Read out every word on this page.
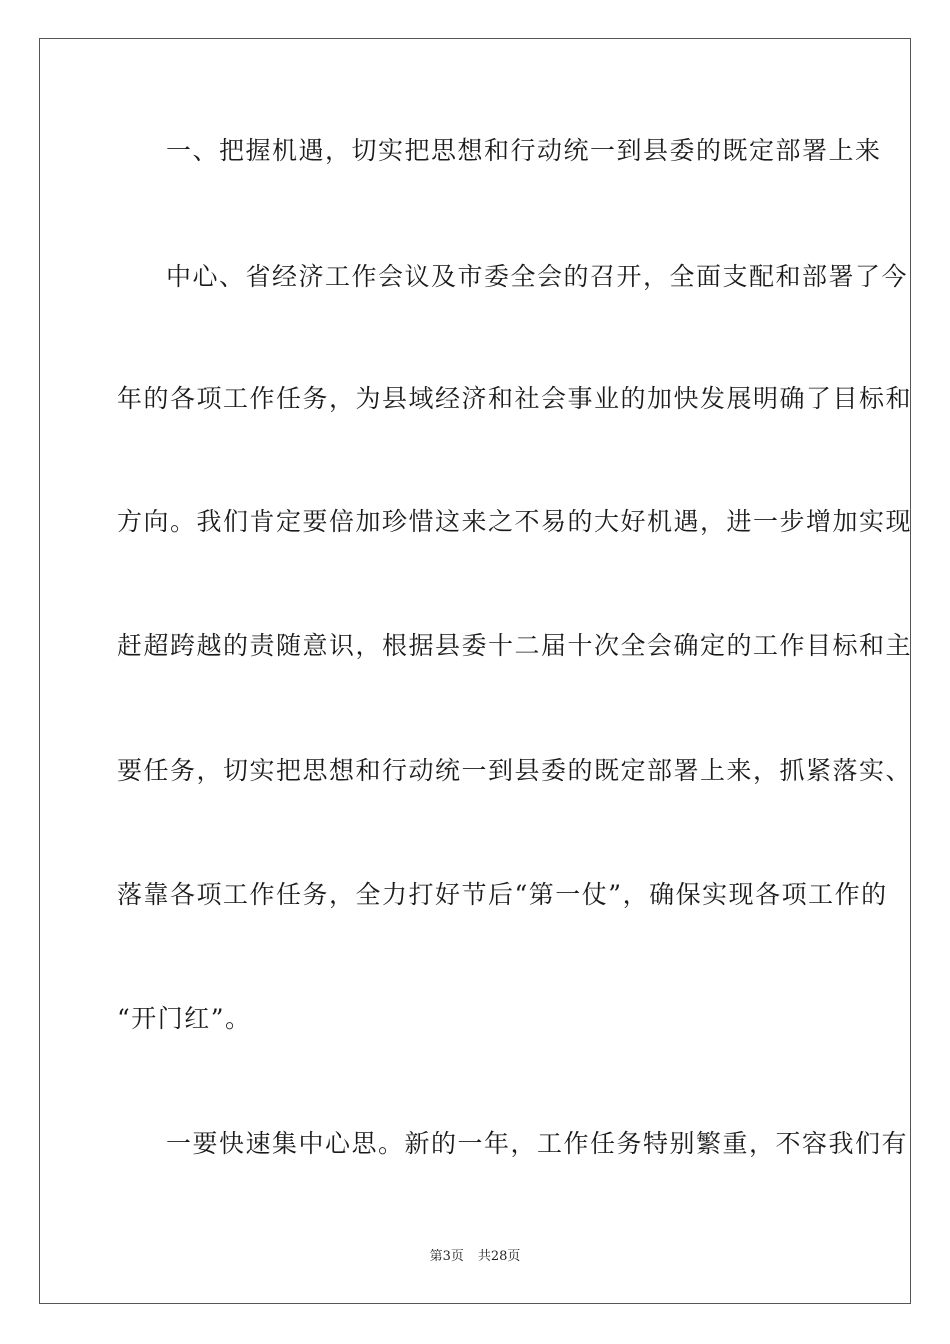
一、把握机遇，切实把思想和行动统一到县委的既定部署上来
中心、省经济工作会议及市委全会的召开，全面支配和部署了今
年的各项工作任务，为县域经济和社会事业的加快发展明确了目标和
方向。我们肯定要倍加珍惜这来之不易的大好机遇，进一步增加实现
赶超跨越的责随意识，根据县委十二届十次全会确定的工作目标和主
要任务，切实把思想和行动统一到县委的既定部署上来，抓紧落实、
落靠各项工作任务，全力打好节后“第一仗”，确保实现各项工作的
“开门红”。
一要快速集中心思。新的一年，工作任务特别繁重，不容我们有
第3页 共28页
